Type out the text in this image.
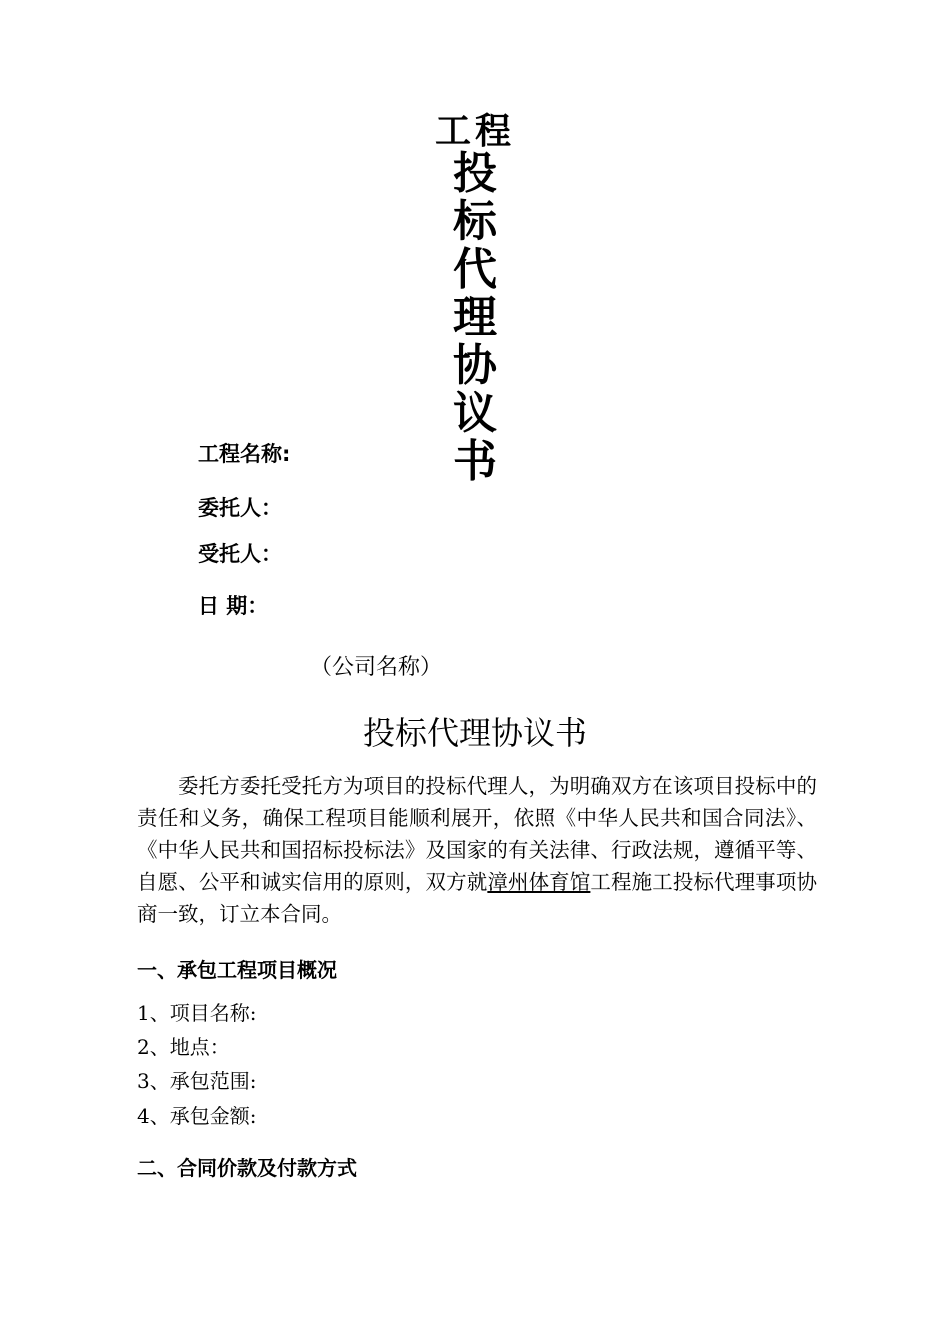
工程
投
标
代
理
协
议
书
工程名称:
委托人：
受托人：
日 期：
（公司名称）
投标代理协议书
委托方委托受托方为项目的投标代理人，为明确双方在该项目投标中的责任和义务，确保工程项目能顺利展开，依照《中华人民共和国合同法》、《中华人民共和国招标投标法》及国家的有关法律、行政法规，遵循平等、自愿、公平和诚实信用的原则，双方就漳州体育馆工程施工投标代理事项协商一致，订立本合同。
一、承包工程项目概况
1、项目名称:
2、地点：
3、承包范围:
4、承包金额:
二、合同价款及付款方式
